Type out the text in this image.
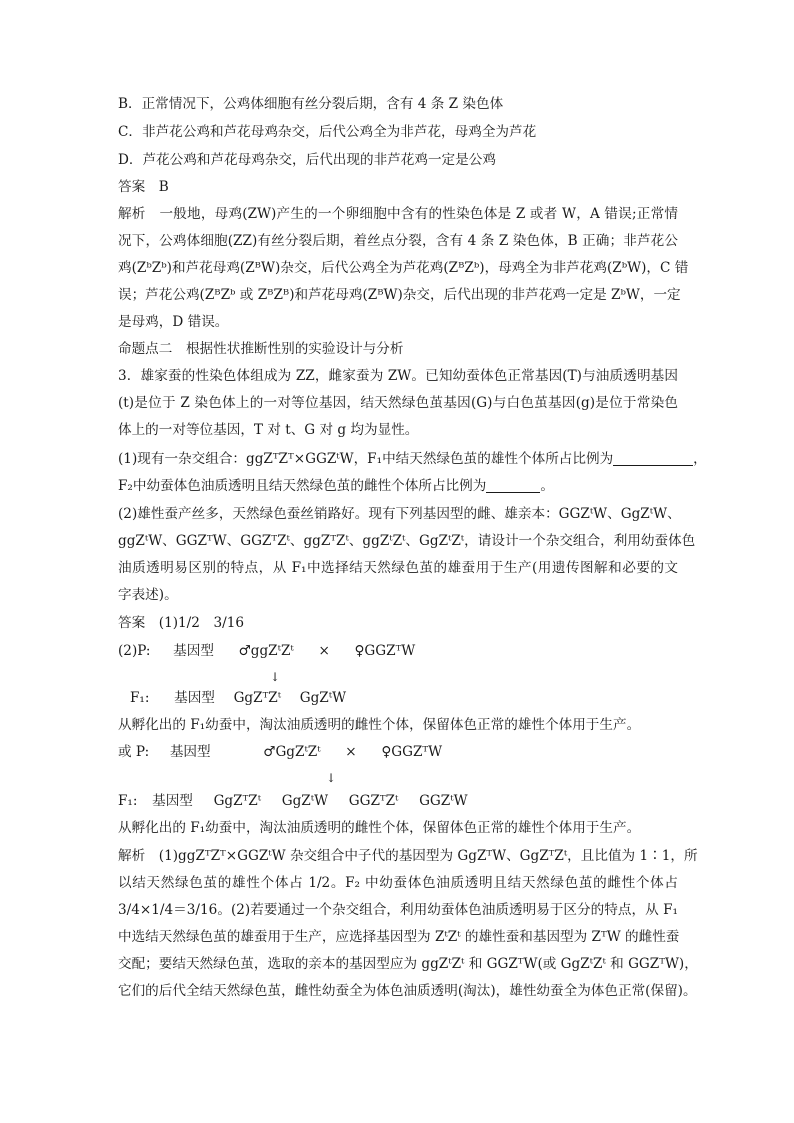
B．正常情况下，公鸡体细胞有丝分裂后期，含有 4 条 Z 染色体
C．非芦花公鸡和芦花母鸡杂交，后代公鸡全为非芦花，母鸡全为芦花
D．芦花公鸡和芦花母鸡杂交，后代出现的非芦花鸡一定是公鸡
答案　 B
解析　 一般地，母鸡(ZW)产生的一个卵细胞中含有的性染色体是 Z 或者 W，A 错误;正常情
况下，公鸡体细胞(ZZ)有丝分裂后期，着丝点分裂，含有 4 条 Z 染色体，B 正确；非芦花公
鸡(ZᵇZᵇ)和芦花母鸡(ZᴮW)杂交，后代公鸡全为芦花鸡(ZᴮZᵇ)，母鸡全为非芦花鸡(ZᵇW)，C 错
误；芦花公鸡(ZᴮZᵇ 或 ZᴮZᴮ)和芦花母鸡(ZᴮW)杂交，后代出现的非芦花鸡一定是 ZᵇW，一定
是母鸡，D 错误。
命题点二　根据性状推断性别的实验设计与分析
3．雄家蚕的性染色体组成为 ZZ，雌家蚕为 ZW。已知幼蚕体色正常基因(T)与油质透明基因
(t)是位于 Z 染色体上的一对等位基因，结天然绿色茧基因(G)与白色茧基因(g)是位于常染色
体上的一对等位基因，T 对 t、G 对 g 均为显性。
(1)现有一杂交组合：ggZᵀZᵀ×GGZᵗW，F₁中结天然绿色茧的雄性个体所占比例为	，
F₂中幼蚕体色油质透明且结天然绿色茧的雌性个体所占比例为	。
(2)雄性蚕产丝多，天然绿色蚕丝销路好。现有下列基因型的雌、雄亲本：GGZᵗW、GgZᵗW、
ggZᵗW、GGZᵀW、GGZᵀZᵗ、ggZᵀZᵗ、ggZᵗZᵗ、GgZᵗZᵗ，请设计一个杂交组合，利用幼蚕体色
油质透明易区别的特点，从 F₁中选择结天然绿色茧的雄蚕用于生产(用遗传图解和必要的文
字表述)。
答案　 (1)1/2　3/16
(2)P: 基因型 ♂ggZᵗZᵗ × ♀GGZᵀW
↓
F₁: 基因型 GgZᵀZᵗ GgZᵗW
从孵化出的 F₁幼蚕中，淘汰油质透明的雌性个体，保留体色正常的雄性个体用于生产。
或 P: 基因型	♂GgZᵗZᵗ × ♀GGZᵀW
↓
F₁: 基因型 GgZᵀZᵗ GgZᵗW GGZᵀZᵗ GGZᵗW
从孵化出的 F₁幼蚕中，淘汰油质透明的雌性个体，保留体色正常的雄性个体用于生产。
解析　 (1)ggZᵀZᵀ×GGZᵗW 杂交组合中子代的基因型为 GgZᵀW、GgZᵀZᵗ，且比值为 1∶1，所
以结天然绿色茧的雄性个体占 1/2。F₂ 中幼蚕体色油质透明且结天然绿色茧的雌性个体占
3/4×1/4＝3/16。(2)若要通过一个杂交组合，利用幼蚕体色油质透明易于区分的特点，从 F₁
中选结天然绿色茧的雄蚕用于生产，应选择基因型为 ZᵗZᵗ 的雄性蚕和基因型为 ZᵀW 的雌性蚕
交配；要结天然绿色茧，选取的亲本的基因型应为 ggZᵗZᵗ 和 GGZᵀW(或 GgZᵗZᵗ 和 GGZᵀW)，
它们的后代全结天然绿色茧，雌性幼蚕全为体色油质透明(淘汰)，雄性幼蚕全为体色正常(保留)。
